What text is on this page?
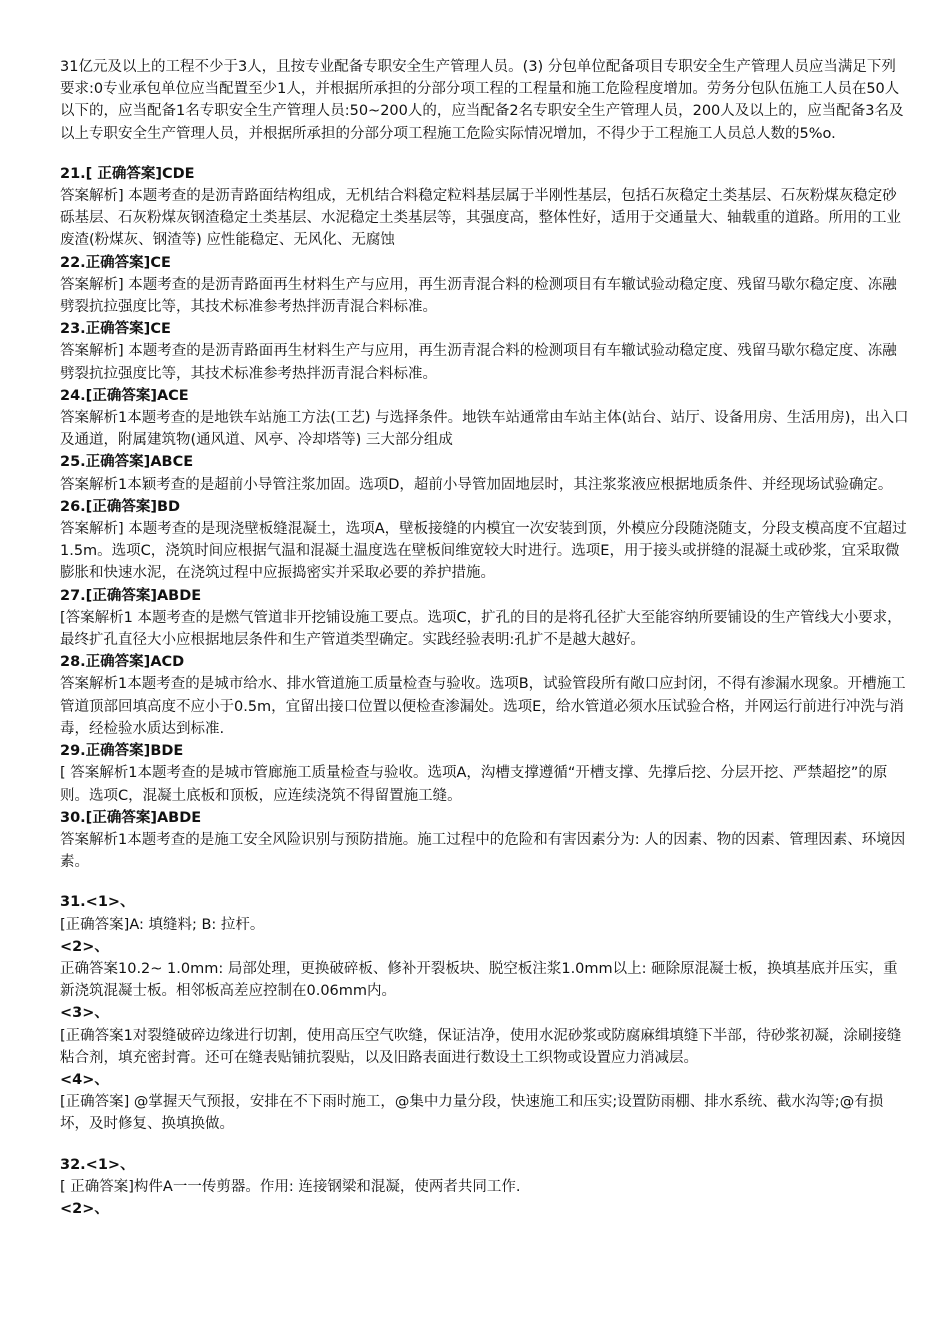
31亿元及以上的工程不少于3人，且按专业配备专职安全生产管理人员。(3) 分包单位配备项目专职安全生产管理人员应当满足下列要求:0专业承包单位应当配置至少1人，并根据所承担的分部分项工程的工程量和施工危险程度增加。劳务分包队伍施工人员在50人以下的，应当配备1名专职安全生产管理人员:50~200人的，应当配备2名专职安全生产管理人员，200人及以上的，应当配备3名及以上专职安全生产管理人员，并根据所承担的分部分项工程施工危险实际情况增加，不得少于工程施工人员总人数的5%o.

21.[ 正确答案]CDE

答案解析] 本题考查的是沥青路面结构组成，无机结合料稳定粒料基层属于半刚性基层，包括石灰稳定土类基层、石灰粉煤灰稳定砂砾基层、石灰粉煤灰钢渣稳定土类基层、水泥稳定土类基层等，其强度高，整体性好，适用于交通量大、轴载重的道路。所用的工业废渣(粉煤灰、钢渣等) 应性能稳定、无风化、无腐蚀

22.正确答案]CE

答案解析] 本题考查的是沥青路面再生材料生产与应用，再生沥青混合料的检测项目有车辙试验动稳定度、残留马歇尔稳定度、冻融劈裂抗拉强度比等，其技术标准参考热拌沥青混合料标准。

23.正确答案]CE

答案解析] 本题考查的是沥青路面再生材料生产与应用，再生沥青混合料的检测项目有车辙试验动稳定度、残留马歇尔稳定度、冻融劈裂抗拉强度比等，其技术标准参考热拌沥青混合料标准。

24.[正确答案]ACE

答案解析1本题考查的是地铁车站施工方法(工艺) 与选择条件。地铁车站通常由车站主体(站台、站厅、设备用房、生活用房)，出入口及通道，附属建筑物(通风道、风亭、冷却塔等) 三大部分组成

25.正确答案]ABCE

答案解析1本颖考查的是超前小导管注浆加固。选项D，超前小导管加固地层时，其注浆浆液应根据地质条件、并经现场试验确定。

26.[正确答案]BD

答案解析] 本题考查的是现浇壁板缝混凝土，选项A，壁板接缝的内模宜一次安装到顶，外模应分段随浇随支，分段支模高度不宜超过1.5m。选项C，浇筑时间应根据气温和混凝土温度选在壁板间维宽较大时进行。选项E，用于接头或拼缝的混凝土或砂浆，宜采取微膨胀和快速水泥，在浇筑过程中应振捣密实并采取必要的养护措施。

27.[正确答案]ABDE

[答案解析1 本题考查的是燃气管道非开挖铺设施工要点。选项C，扩孔的目的是将孔径扩大至能容纳所要铺设的生产管线大小要求，最终扩孔直径大小应根据地层条件和生产管道类型确定。实践经验表明:孔扩不是越大越好。

28.正确答案]ACD

答案解析1本题考查的是城市给水、排水管道施工质量检查与验收。选项B，试验管段所有敞口应封闭，不得有渗漏水现象。开槽施工管道顶部回填高度不应小于0.5m，宜留出接口位置以便检查渗漏处。选项E，给水管道必须水压试验合格，并网运行前进行冲洗与消毒，经检验水质达到标准.

29.正确答案]BDE

[ 答案解析1本题考查的是城市管廊施工质量检查与验收。选项A，沟槽支撑遵循“开槽支撑、先撑后挖、分层开挖、严禁超挖”的原则。选项C，混凝土底板和顶板，应连续浇筑不得留置施工缝。

30.[正确答案]ABDE

答案解析1本题考查的是施工安全风险识别与预防措施。施工过程中的危险和有害因素分为: 人的因素、物的因素、管理因素、环境因素。

31.<1>、

[正确答案]A: 填缝料; B: 拉杆。

<2>、

正确答案10.2~ 1.0mm: 局部处理，更换破碎板、修补开裂板块、脱空板注浆1.0mm以上: 砸除原混凝士板，换填基底并压实，重新浇筑混凝士板。相邻板高差应控制在0.06mm内。

<3>、

[正确答案1对裂缝破碎边缘进行切割，使用高压空气吹缝，保证洁净，使用水泥砂浆或防腐麻缉填缝下半部，待砂浆初凝，涂刷接缝粘合剂，填充密封膏。还可在缝表贴铺抗裂贴，以及旧路表面进行数设土工织物或设置应力消减层。

<4>、

[正确答案] @掌握天气预报，安排在不下雨时施工，@集中力量分段，快速施工和压实;设置防雨棚、排水系统、截水沟等;@有损坏，及时修复、换填换做。

32.<1>、

[ 正确答案]构件A一一传剪器。作用: 连接钢梁和混凝，使两者共同工作.

<2>、
